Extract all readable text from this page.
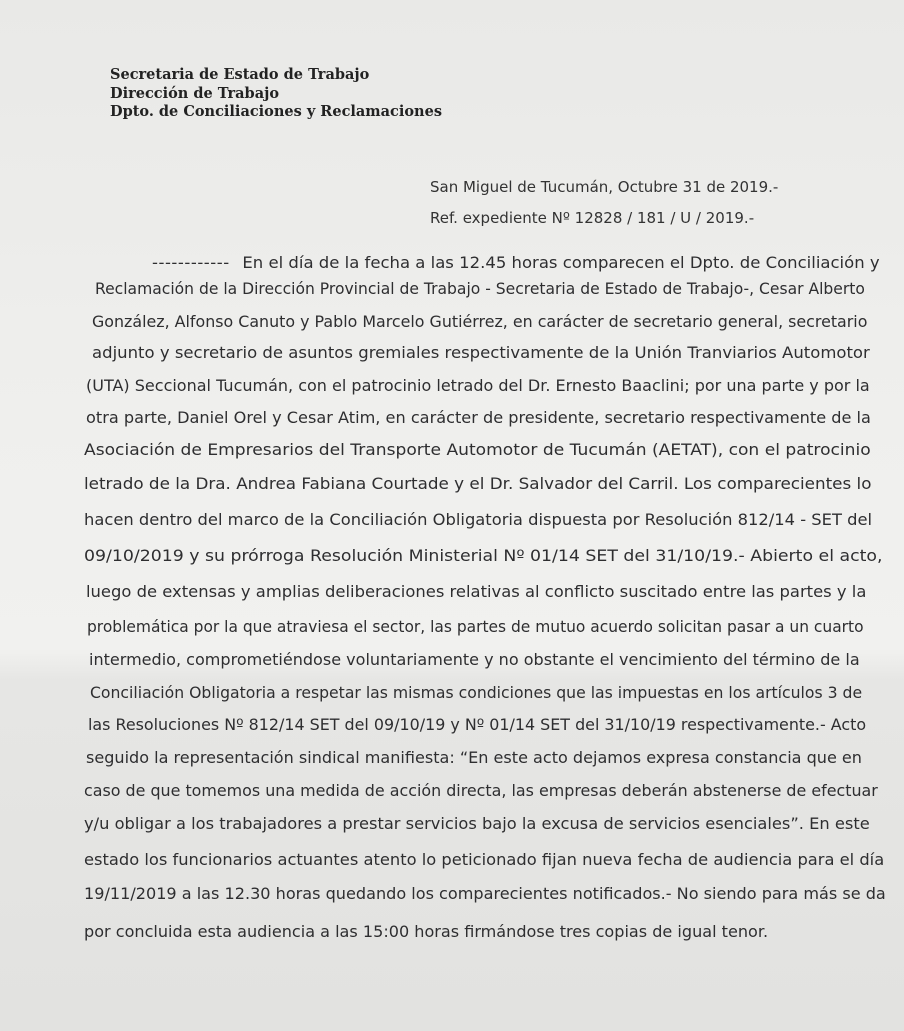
Secretaria de Estado de Trabajo
Dirección de Trabajo
Dpto. de Conciliaciones y Reclamaciones
San Miguel de Tucumán, Octubre 31 de 2019.-
Ref. expediente Nº 12828 / 181 / U / 2019.-
------------ En el día de la fecha a las 12.45 horas comparecen el Dpto. de Conciliación y
Reclamación de la Dirección Provincial de Trabajo - Secretaria de Estado de Trabajo-, Cesar Alberto
González, Alfonso Canuto y Pablo Marcelo Gutiérrez, en carácter de secretario general, secretario
adjunto y secretario de asuntos gremiales respectivamente de la Unión Tranviarios Automotor
(UTA) Seccional Tucumán, con el patrocinio letrado del Dr. Ernesto Baaclini; por una parte y por la
otra parte, Daniel Orel y Cesar Atim, en carácter de presidente, secretario respectivamente de la
Asociación de Empresarios del Transporte Automotor de Tucumán (AETAT), con el patrocinio
letrado de la Dra. Andrea Fabiana Courtade y el Dr. Salvador del Carril. Los comparecientes lo
hacen dentro del marco de la Conciliación Obligatoria dispuesta por Resolución 812/14 - SET del
09/10/2019 y su prórroga Resolución Ministerial Nº 01/14 SET del 31/10/19.- Abierto el acto,
luego de extensas y amplias deliberaciones relativas al conflicto suscitado entre las partes y la
problemática por la que atraviesa el sector, las partes de mutuo acuerdo solicitan pasar a un cuarto
intermedio, comprometiéndose voluntariamente y no obstante el vencimiento del término de la
Conciliación Obligatoria a respetar las mismas condiciones que las impuestas en los artículos 3 de
las Resoluciones Nº 812/14 SET del 09/10/19 y Nº 01/14 SET del 31/10/19 respectivamente.- Acto
seguido la representación sindical manifiesta: “En este acto dejamos expresa constancia que en
caso de que tomemos una medida de acción directa, las empresas deberán abstenerse de efectuar
y/u obligar a los trabajadores a prestar servicios bajo la excusa de servicios esenciales”. En este
estado los funcionarios actuantes atento lo peticionado fijan nueva fecha de audiencia para el día
19/11/2019 a las 12.30 horas quedando los comparecientes notificados.- No siendo para más se da
por concluida esta audiencia a las 15:00 horas firmándose tres copias de igual tenor.
